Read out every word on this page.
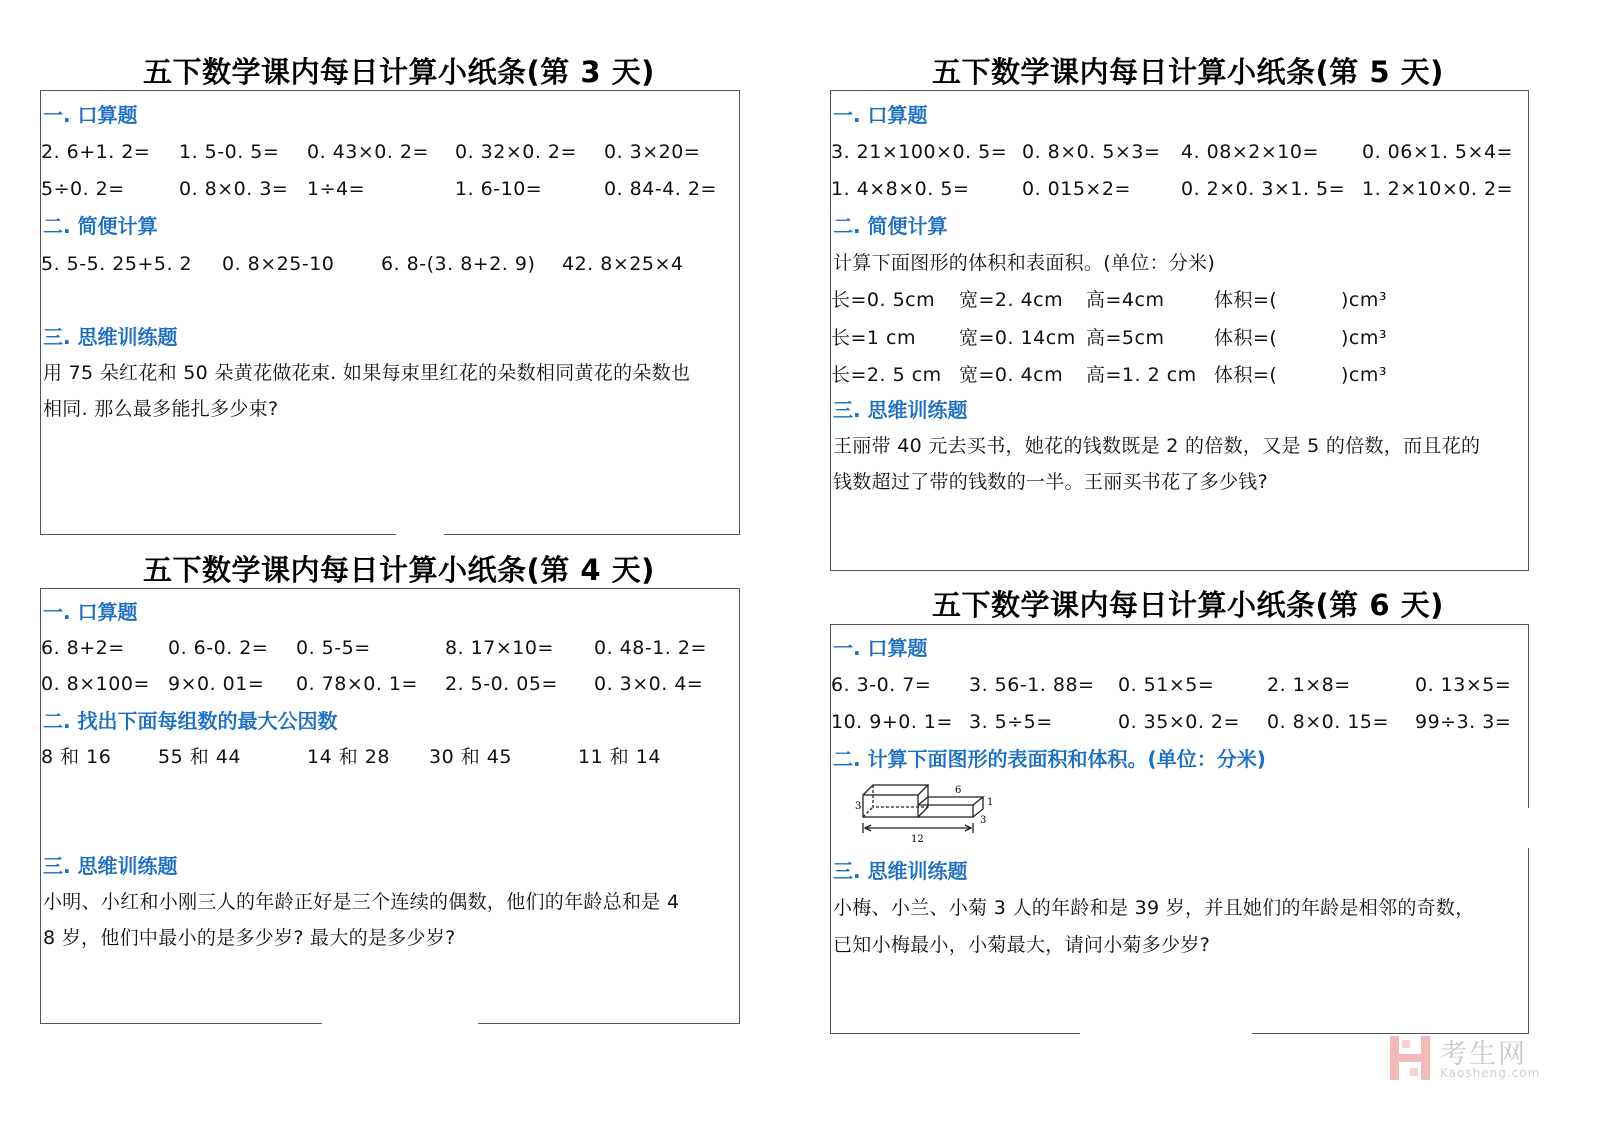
五下数学课内每日计算小纸条(第 3 天)
一. 口算题
2. 6+1. 2= 1. 5-0. 5= 0. 43×0. 2= 0. 32×0. 2= 0. 3×20=
5÷0. 2=	0. 8×0. 3= 1÷4=	1. 6-10=	0. 84-4. 2=
二. 简便计算
5. 5-5. 25+5. 2 0. 8×25-10 6. 8-(3. 8+2. 9) 42. 8×25×4
三. 思维训练题
用 75 朵红花和 50 朵黄花做花束. 如果每束里红花的朵数相同黄花的朵数也
相同. 那么最多能扎多少束?
五下数学课内每日计算小纸条(第 4 天)
一. 口算题
6. 8+2= 0. 6-0. 2= 0. 5-5=	8. 17×10= 0. 48-1. 2=
0. 8×100= 9×0. 01= 0. 78×0. 1= 2. 5-0. 05= 0. 3×0. 4=
二. 找出下面每组数的最大公因数
8 和 16 55 和 44	14 和 28 30 和 45	11 和 14
三. 思维训练题
小明、小红和小刚三人的年龄正好是三个连续的偶数，他们的年龄总和是 4
8 岁，他们中最小的是多少岁? 最大的是多少岁?
五下数学课内每日计算小纸条(第 5 天)
一. 口算题
3. 21×100×0. 5= 0. 8×0. 5×3= 4. 08×2×10= 0. 06×1. 5×4=
1. 4×8×0. 5=	0. 015×2=	0. 2×0. 3×1. 5= 1. 2×10×0. 2=
二. 简便计算
计算下面图形的体积和表面积。(单位：分米)
长=0. 5cm 宽=2. 4cm 高=4cm	体积=(	)cm³
长=1 cm 宽=0. 14cm 高=5cm	体积=(	)cm³
长=2. 5 cm 宽=0. 4cm 高=1. 2 cm 体积=(	)cm³
三. 思维训练题
王丽带 40 元去买书，她花的钱数既是 2 的倍数，又是 5 的倍数，而且花的
钱数超过了带的钱数的一半。王丽买书花了多少钱?
五下数学课内每日计算小纸条(第 6 天)
一. 口算题
6. 3-0. 7= 3. 56-1. 88= 0. 51×5=	2. 1×8=	0. 13×5=
10. 9+0. 1= 3. 5÷5=	0. 35×0. 2= 0. 8×0. 15= 99÷3. 3=
二. 计算下面图形的表面积和体积。(单位：分米)
3
6
1
3
12
三. 思维训练题
小梅、小兰、小菊 3 人的年龄和是 39 岁，并且她们的年龄是相邻的奇数，
已知小梅最小，小菊最大，请问小菊多少岁?
考生网
Kaosheng.com
